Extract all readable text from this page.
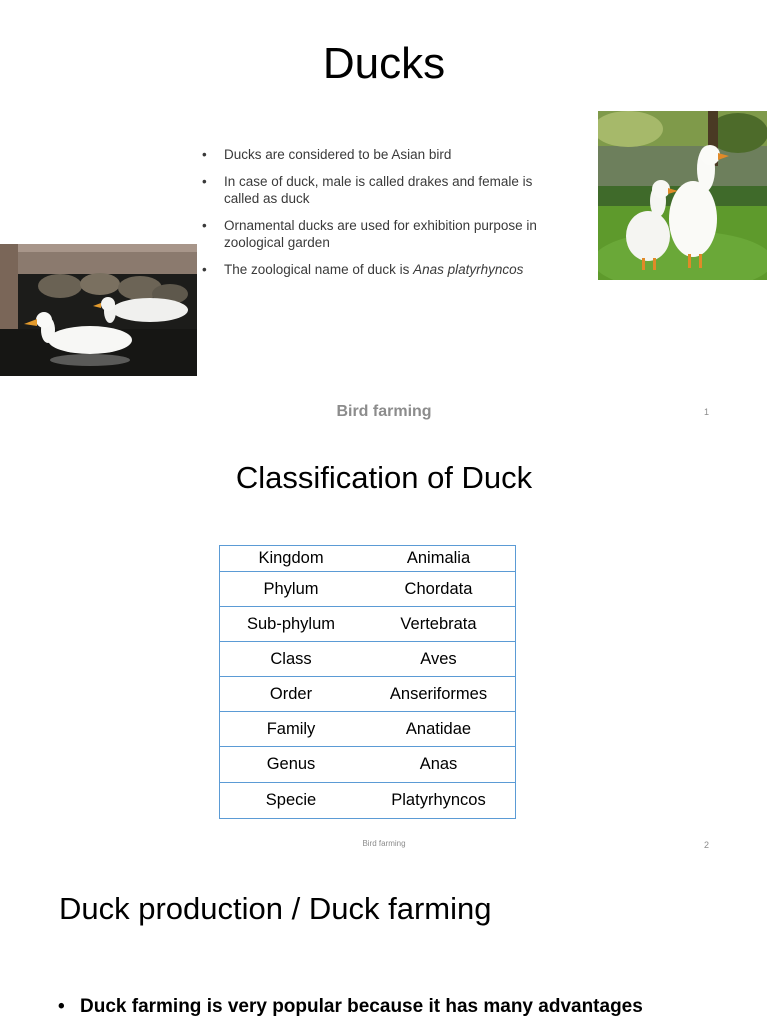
Ducks
• Ducks are considered to be Asian bird
• In case of duck, male is called drakes and female is called as duck
• Ornamental ducks are used for exhibition purpose in zoological garden
• The zoological name of duck is Anas platyrhyncos
Bird farming	1
Classification of Duck
Kingdom	Animalia
Phylum	Chordata
Sub-phylum	Vertebrata
Class	Aves
Order	Anseriformes
Family	Anatidae
Genus	Anas
Specie	Platyrhyncos
Bird farming	2
Duck production / Duck farming
• Duck farming is very popular because it has many advantages
